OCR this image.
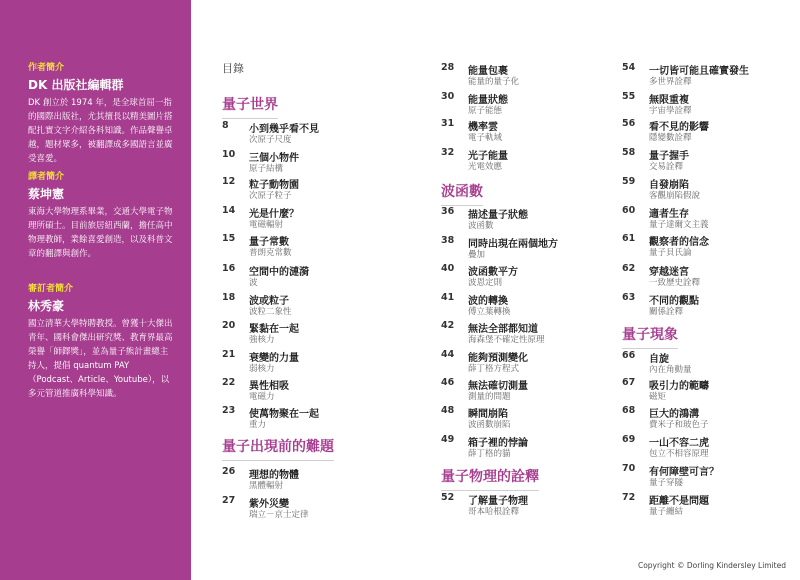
作者簡介
DK 出版社編輯群
DK 創立於 1974 年，是全球首屈一指的國際出版社，尤其擅長以精美圖片搭配扎實文字介紹各科知識。作品聲譽卓越，題材眾多，被翻譯成多國語言並廣受喜愛。
譯者簡介
蔡坤憲
東海大學物理系畢業，交通大學電子物理所碩士。目前旅居紐西蘭，擔任高中物理教師，業餘喜愛創造，以及科普文章的翻譯與創作。
審訂者簡介
林秀豪
國立清華大學特聘教授。曾獲十大傑出青年、國科會傑出研究獎、教育界最高榮譽「師鐸獎」，並為量子熊計畫總主持人，提倡 quantum PAY （Podcast、Article、Youtube），以多元管道推廣科學知識。
目錄
量子世界
量子出現前的難題
波函數
量子物理的詮釋
量子現象
8	小到幾乎看不見
次原子尺度
10	三個小物件
原子結構
12	粒子動物園
次原子粒子
14	光是什麼？
電磁輻射
15	量子常數
普朗克常數
16	空間中的漣漪
波
18	波或粒子
波粒二象性
20	緊黏在一起
強核力
21	衰變的力量
弱核力
22	異性相吸
電磁力
23	使萬物聚在一起
重力
26	理想的物體
黑體輻射
27	紫外災變
瑞立－京士定律
28	能量包裹
能量的量子化
30	能量狀態
原子能態
31	機率雲
電子軌域
32	光子能量
光電效應
36	描述量子狀態
波函數
38	同時出現在兩個地方
疊加
40	波函數平方
波恩定則
41	波的轉換
傅立葉轉換
42	無法全部都知道
海森堡不確定性原理
44	能夠預測變化
薛丁格方程式
46	無法確切測量
測量的問題
48	瞬間崩陷
波函數崩陷
49	箱子裡的悖論
薛丁格的貓
52	了解量子物理
哥本哈根詮釋
54	一切皆可能且確實發生
多世界詮釋
55	無限重複
宇宙學詮釋
56	看不見的影響
隱變數詮釋
58	量子握手
交易詮釋
59	自發崩陷
客觀崩陷假說
60	適者生存
量子達爾文主義
61	觀察者的信念
量子貝氏論
62	穿越迷宮
一致歷史詮釋
63	不同的觀點
關係詮釋
66	自旋
內在角動量
67	吸引力的範疇
磁矩
68	巨大的鴻溝
費米子和玻色子
69	一山不容二虎
包立不相容原理
70	有何障壁可言？
量子穿隧
72	距離不是問題
量子纏結
Copyright © Dorling Kindersley Limited
